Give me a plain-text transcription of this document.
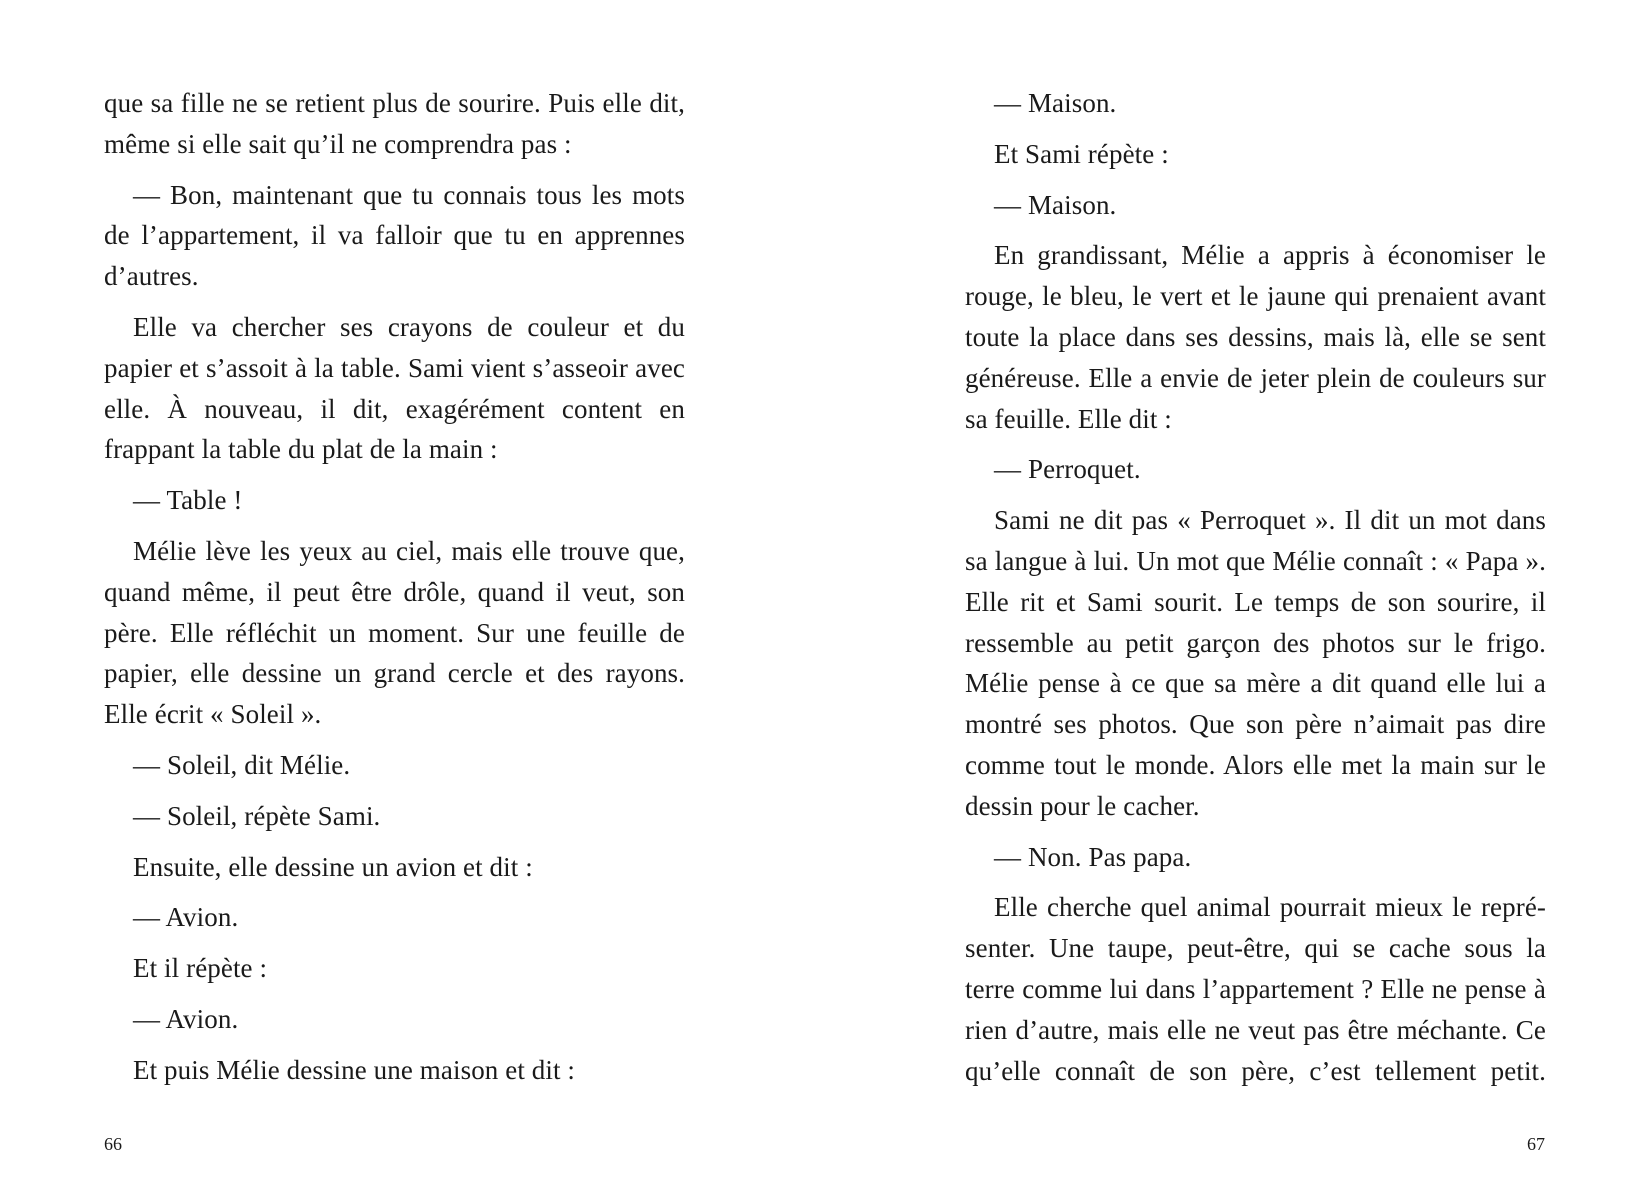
que sa fille ne se retient plus de sourire. Puis elle dit, même si elle sait qu’il ne comprendra pas :

— Bon, maintenant que tu connais tous les mots de l’appartement, il va falloir que tu en apprennes d’autres.

Elle va chercher ses crayons de couleur et du papier et s’assoit à la table. Sami vient s’asseoir avec elle. À nouveau, il dit, exagérément content en frappant la table du plat de la main :

— Table !

Mélie lève les yeux au ciel, mais elle trouve que, quand même, il peut être drôle, quand il veut, son père. Elle réfléchit un moment. Sur une feuille de papier, elle dessine un grand cercle et des rayons. Elle écrit « Soleil ».

— Soleil, dit Mélie.

— Soleil, répète Sami.

Ensuite, elle dessine un avion et dit :

— Avion.

Et il répète :

— Avion.

Et puis Mélie dessine une maison et dit :

66

— Maison.

Et Sami répète :

— Maison.

En grandissant, Mélie a appris à économiser le rouge, le bleu, le vert et le jaune qui prenaient avant toute la place dans ses dessins, mais là, elle se sent généreuse. Elle a envie de jeter plein de couleurs sur sa feuille. Elle dit :

— Perroquet.

Sami ne dit pas « Perroquet ». Il dit un mot dans sa langue à lui. Un mot que Mélie connaît : « Papa ». Elle rit et Sami sourit. Le temps de son sourire, il ressemble au petit garçon des photos sur le frigo. Mélie pense à ce que sa mère a dit quand elle lui a montré ses photos. Que son père n’aimait pas dire comme tout le monde. Alors elle met la main sur le dessin pour le cacher.

— Non. Pas papa.

Elle cherche quel animal pourrait mieux le repré-senter. Une taupe, peut-être, qui se cache sous la terre comme lui dans l’appartement ? Elle ne pense à rien d’autre, mais elle ne veut pas être méchante. Ce qu’elle connaît de son père, c’est tellement petit.

67
